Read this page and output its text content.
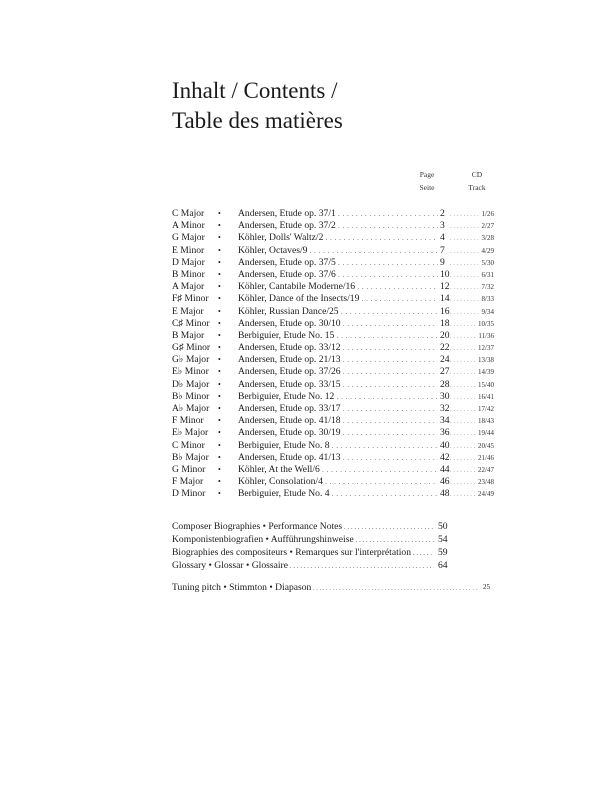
Inhalt / Contents /
Table des matières
Page
Seite
CD
Track
C Major • Andersen, Etude op. 37/1 . . .	2	. . . 1/26
A Minor • Andersen, Etude op. 37/2 . . .	3	. . . 2/27
G Major • Köhler, Dolls' Waltz/2 . . .	4	. . . 3/28
E Minor • Köhler, Octaves/9 . . .	7	. . . 4/29
D Major • Andersen, Etude op. 37/5 . . .	9	. . . 5/30
B Minor • Andersen, Etude op. 37/6 . . .	10	. . . 6/31
A Major • Köhler, Cantabile Moderne/16 . . .	12	. . . 7/32
F♯ Minor • Köhler, Dance of the Insects/19 . . .	14	. . . 8/33
E Major • Köhler, Russian Dance/25 . . .	16	. . . 9/34
C♯ Minor • Andersen, Etude op. 30/10 . . .	18	. . . 10/35
B Major • Berbiguier, Etude No. 15 . . .	20	. . . 11/36
G♯ Minor • Andersen, Etude op. 33/12 . . .	22	. . . 12/37
G♭ Major • Andersen, Etude op. 21/13 . . .	24	. . . 13/38
E♭ Minor • Andersen, Etude op. 37/26 . . .	27	. . . 14/39
D♭ Major • Andersen, Etude op. 33/15 . . .	28	. . . 15/40
B♭ Minor • Berbiguier, Etude No. 12 . . .	30	. . . 16/41
A♭ Major • Andersen, Etude op. 33/17 . . .	32	. . . 17/42
F Minor • Andersen, Etude op. 41/18 . . .	34	. . . 18/43
E♭ Major • Andersen, Etude op. 30/19 . . .	36	. . . 19/44
C Minor • Berbiguier, Etude No. 8 . . .	40	. . . 20/45
B♭ Major • Andersen, Etude op. 41/13 . . .	42	. . . 21/46
G Minor • Köhler, At the Well/6 . . .	44	. . . 22/47
F Major • Köhler, Consolation/4 . . .	46	. . . 23/48
D Minor • Berbiguier, Etude No. 4 . . .	48	. . . 24/49
Composer Biographies • Performance Notes . . .	50
Komponistenbiografien • Aufführungshinweise . . .	54
Biographies des compositeurs • Remarques sur l'interprétation . . .	59
Glossary • Glossar • Glossaire . . .	64
Tuning pitch • Stimmton • Diapason . . .	25
